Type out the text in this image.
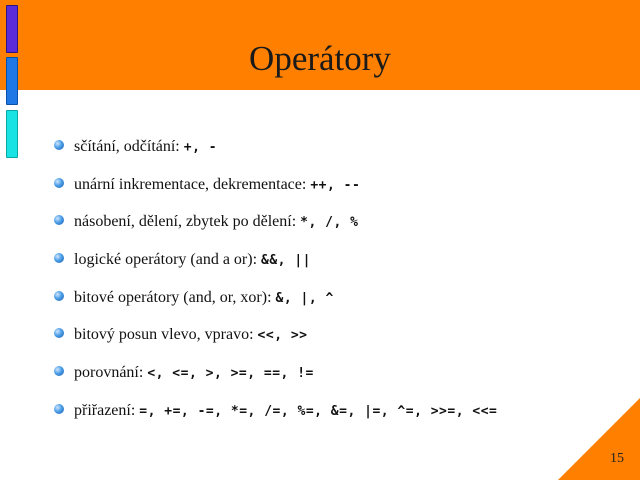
Operátory
sčítání, odčítání: +, -
unární inkrementace, dekrementace: ++, --
násobení, dělení, zbytek po dělení: *, /, %
logické operátory (and a or): &&, ||
bitové operátory (and, or, xor): &, |, ^
bitový posun vlevo, vpravo: <<, >>
porovnání: <, <=, >, >=, ==, !=
přiřazení: =, +=, -=, *=, /=, %=, &=, |=, ^=, >>=, <<=
15
